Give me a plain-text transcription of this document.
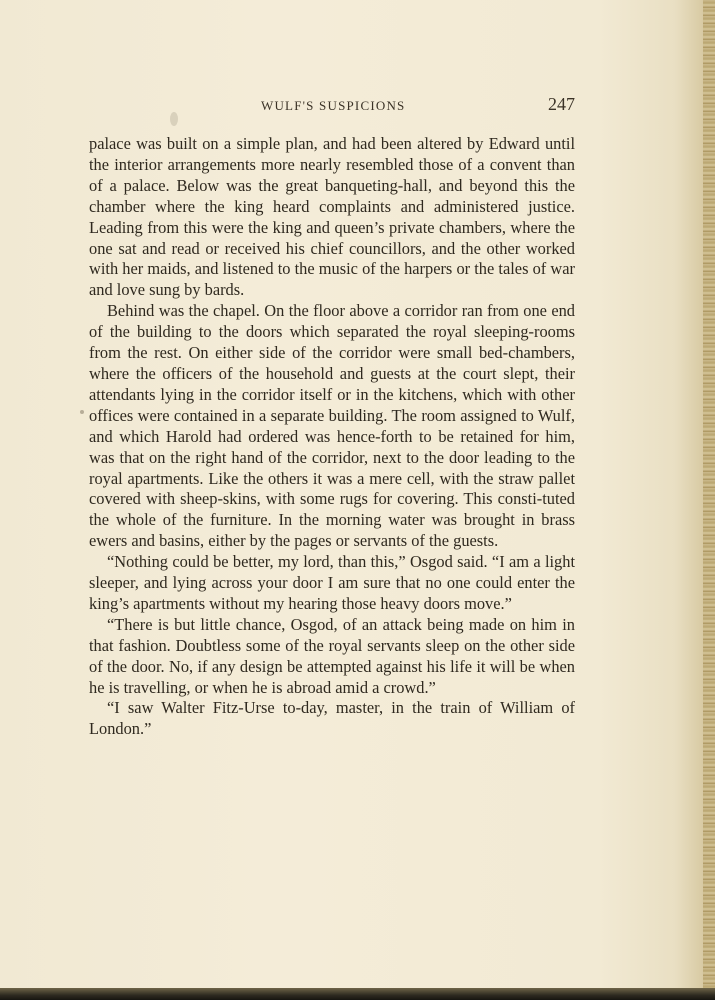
WULF'S SUSPICIONS	247

palace was built on a simple plan, and had been altered by Edward until the interior arrangements more nearly resembled those of a convent than of a palace. Below was the great banqueting-hall, and beyond this the chamber where the king heard complaints and administered justice. Leading from this were the king and queen’s private chambers, where the one sat and read or received his chief councillors, and the other worked with her maids, and listened to the music of the harpers or the tales of war and love sung by bards.

Behind was the chapel. On the floor above a corridor ran from one end of the building to the doors which separated the royal sleeping-rooms from the rest. On either side of the corridor were small bed-chambers, where the officers of the household and guests at the court slept, their attendants lying in the corridor itself or in the kitchens, which with other offices were contained in a separate building. The room assigned to Wulf, and which Harold had ordered was hence-forth to be retained for him, was that on the right hand of the corridor, next to the door leading to the royal apartments. Like the others it was a mere cell, with the straw pallet covered with sheep-skins, with some rugs for covering. This consti-tuted the whole of the furniture. In the morning water was brought in brass ewers and basins, either by the pages or servants of the guests.

“Nothing could be better, my lord, than this,” Osgod said. “I am a light sleeper, and lying across your door I am sure that no one could enter the king’s apartments without my hearing those heavy doors move.”

“There is but little chance, Osgod, of an attack being made on him in that fashion. Doubtless some of the royal servants sleep on the other side of the door. No, if any design be attempted against his life it will be when he is travelling, or when he is abroad amid a crowd.”

“I saw Walter Fitz-Urse to-day, master, in the train of William of London.”
